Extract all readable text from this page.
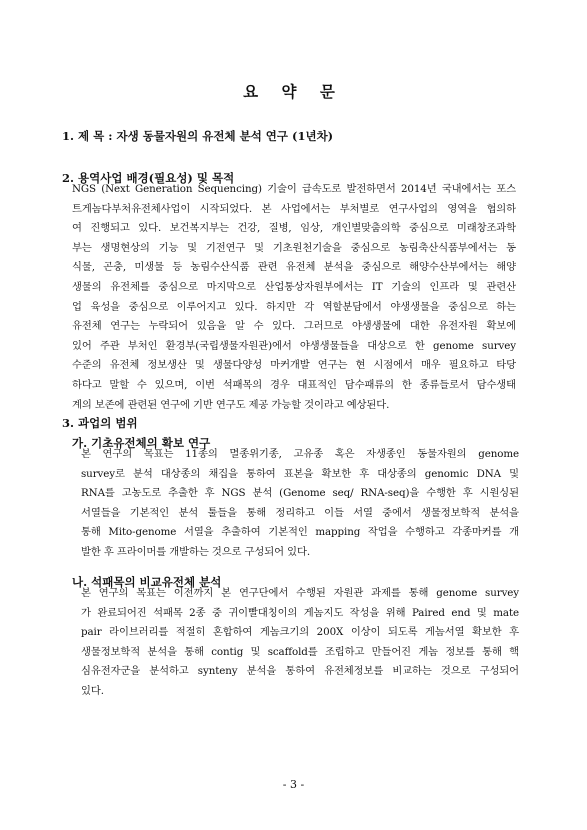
요 약 문
1. 제 목 : 자생 동물자원의 유전체 분석 연구 (1년차)
2. 용역사업 배경(필요성) 및 목적
NGS (Next Generation Sequencing) 기술이 급속도로 발전하면서 2014년 국내에서는 포스
트게놈다부처유전체사업이 시작되었다. 본 사업에서는 부처별로 연구사업의 영역을 협의하
여 진행되고 있다. 보건복지부는 건강, 질병, 임상, 개인별맞춤의학 중심으로 미래창조과학
부는 생명현상의 기능 및 기전연구 및 기초원천기술을 중심으로 농림축산식품부에서는 동
식물, 곤충, 미생물 등 농림수산식품 관련 유전체 분석을 중심으로 해양수산부에서는 해양
생물의 유전체를 중심으로 마지막으로 산업통상자원부에서는 IT 기술의 인프라 및 관련산
업 육성을 중심으로 이루어지고 있다. 하지만 각 역할분담에서 야생생물을 중심으로 하는
유전체 연구는 누락되어 있음을 알 수 있다. 그러므로 야생생물에 대한 유전자원 확보에
있어 주관 부처인 환경부(국립생물자원관)에서 야생생물들을 대상으로 한 genome survey
수준의 유전체 정보생산 및 생물다양성 마커개발 연구는 현 시점에서 매우 필요하고 타당
하다고 말할 수 있으며, 이번 석패목의 경우 대표적인 담수패류의 한 종류들로서 담수생태
계의 보존에 관련된 연구에 기반 연구도 제공 가능할 것이라고 예상된다.
3. 과업의 범위
가. 기초유전체의 확보 연구
본 연구의 목표는 11종의 멸종위기종, 고유종 혹은 자생종인 동물자원의 genome
survey로 분석 대상종의 채집을 통하여 표본을 확보한 후 대상종의 genomic DNA 및
RNA를 고농도로 추출한 후 NGS 분석 (Genome seq/ RNA-seq)을 수행한 후 시원싱된
서열들을 기본적인 분석 툴들을 통해 정리하고 이들 서열 중에서 생물정보학적 분석을
통해 Mito-genome 서열을 추출하여 기본적인 mapping 작업을 수행하고 각종마커를 개
발한 후 프라이머를 개발하는 것으로 구성되어 있다.
나. 석패목의 비교유전체 분석
본 연구의 목표는 이전까지 본 연구단에서 수행된 자원관 과제를 통해 genome survey
가 완료되어진 석패목 2종 중 귀이빨대칭이의 게놈지도 작성을 위해 Paired end 및 mate
pair 라이브러리를 적절히 혼합하여 게놈크기의 200X 이상이 되도록 게놈서열 확보한 후
생물정보학적 분석을 통해 contig 및 scaffold를 조립하고 만들어진 게놈 정보를 통해 핵
심유전자군을 분석하고 synteny 분석을 통하여 유전체정보를 비교하는 것으로 구성되어
있다.
- 3 -
